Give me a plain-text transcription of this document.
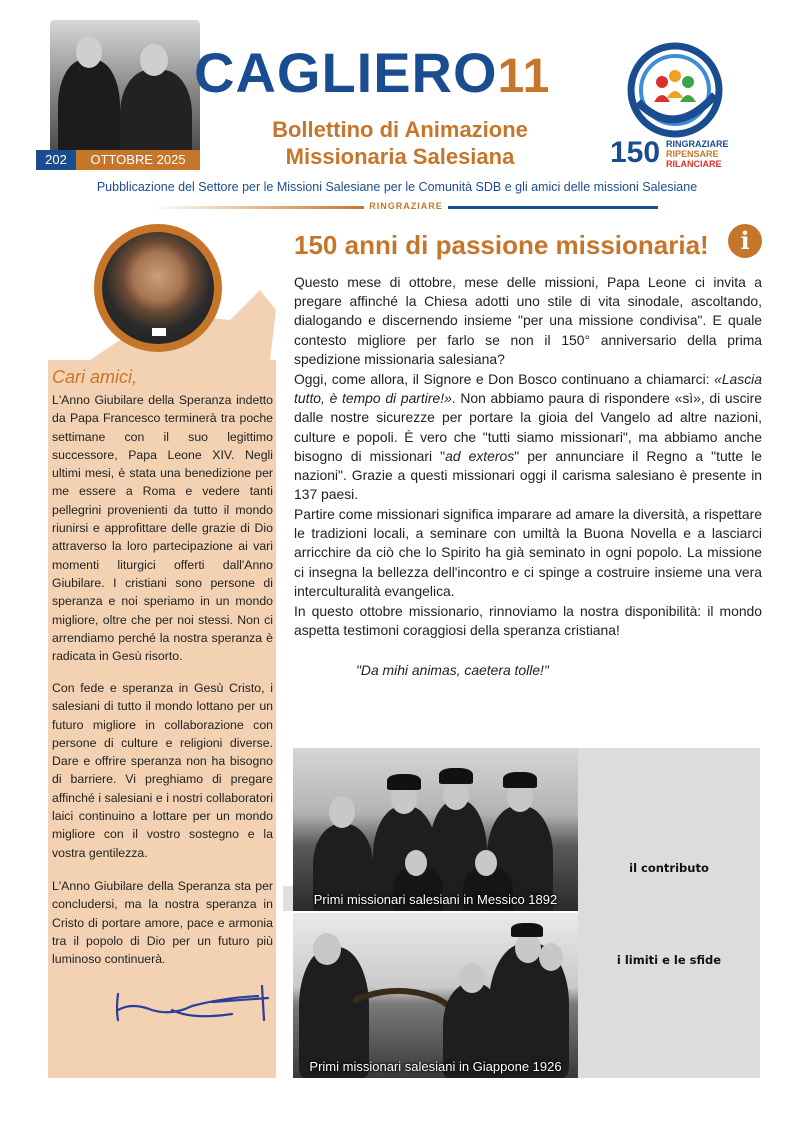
202	OTTOBRE 2025
CAGLIERO11
Bollettino di Animazione
Missionaria Salesiana	150 RINGRAZIARE
RIPENSARE
RILANCIARE
Pubblicazione del Settore per le Missioni Salesiane per le Comunità SDB e gli amici delle missioni Salesiane
RINGRAZIARE
Cari amici,

L'Anno Giubilare della Speranza indetto da Papa Francesco terminerà tra poche settimane con il suo legittimo successore, Papa Leone XIV. Negli ultimi mesi, è stata una benedizione per me essere a Roma e vedere tanti pellegrini provenienti da tutto il mondo riunirsi e approfittare delle grazie di Dio attraverso la loro partecipazione ai vari momenti liturgici offerti dall'Anno Giubilare. I cristiani sono persone di speranza e noi speriamo in un mondo migliore, oltre che per noi stessi. Non ci arrendiamo perché la nostra speranza è radicata in Gesù risorto.

Con fede e speranza in Gesù Cristo, i salesiani di tutto il mondo lottano per un futuro migliore in collaborazione con persone di culture e religioni diverse. Dare e offrire speranza non ha bisogno di barriere. Vi preghiamo di pregare affinché i salesiani e i nostri collaboratori laici continuino a lottare per un mondo migliore con il vostro sostegno e la vostra gentilezza.

L'Anno Giubilare della Speranza sta per concludersi, ma la nostra speranza in Cristo di portare amore, pace e armonia tra il popolo di Dio per un futuro più luminoso continuerà.

150 anni di passione missionaria!	i

Questo mese di ottobre, mese delle missioni, Papa Leone ci invita a pregare affinché la Chiesa adotti uno stile di vita sinodale, ascoltando, dialogando e discernendo insieme "per una missione condivisa". E quale contesto migliore per farlo se non il 150° anniversario della prima spedizione missionaria salesiana?

Oggi, come allora, il Signore e Don Bosco continuano a chiamarci: «Lascia tutto, è tempo di partire!». Non abbiamo paura di rispondere «sì», di uscire dalle nostre sicurezze per portare la gioia del Vangelo ad altre nazioni, culture e popoli. È vero che "tutti siamo missionari", ma abbiamo anche bisogno di missionari "ad exteros" per annunciare il Regno a "tutte le nazioni". Grazie a questi missionari oggi il carisma salesiano è presente in 137 paesi.

Partire come missionari significa imparare ad amare la diversità, a rispettare le tradizioni locali, a seminare con umiltà la Buona Novella e a lasciarci arricchire da ciò che lo Spirito ha già seminato in ogni popolo. La missione ci insegna la bellezza dell'incontro e ci spinge a costruire insieme una vera interculturalità evangelica.

In questo ottobre missionario, rinnoviamo la nostra disponibilità: il mondo aspetta testimoni coraggiosi della speranza cristiana!

"Da mihi animas, caetera tolle!"
Primi missionari salesiani in Messico 1892
Primi missionari salesiani in Giappone 1926
il contributo
i limiti e le sfide
